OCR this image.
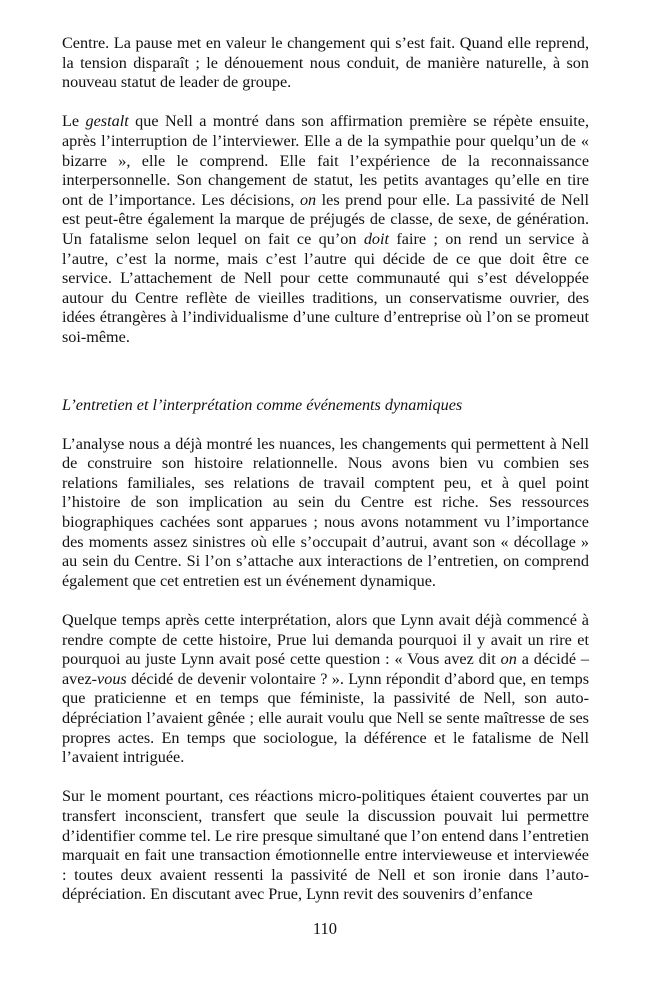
Centre. La pause met en valeur le changement qui s’est fait. Quand elle reprend, la tension disparaît ; le dénouement nous conduit, de manière naturelle, à son nouveau statut de leader de groupe.

Le gestalt que Nell a montré dans son affirmation première se répète ensuite, après l’interruption de l’interviewer. Elle a de la sympathie pour quelqu’un de « bizarre », elle le comprend. Elle fait l’expérience de la reconnaissance interpersonnelle. Son changement de statut, les petits avantages qu’elle en tire ont de l’importance. Les décisions, on les prend pour elle. La passivité de Nell est peut-être également la marque de préjugés de classe, de sexe, de génération. Un fatalisme selon lequel on fait ce qu’on doit faire ; on rend un service à l’autre, c’est la norme, mais c’est l’autre qui décide de ce que doit être ce service. L’attachement de Nell pour cette communauté qui s’est développée autour du Centre reflète de vieilles traditions, un conservatisme ouvrier, des idées étrangères à l’individualisme d’une culture d’entreprise où l’on se promeut soi-même.

L’entretien et l’interprétation comme événements dynamiques

L’analyse nous a déjà montré les nuances, les changements qui permettent à Nell de construire son histoire relationnelle. Nous avons bien vu combien ses relations familiales, ses relations de travail comptent peu, et à quel point l’histoire de son implication au sein du Centre est riche. Ses ressources biographiques cachées sont apparues ; nous avons notamment vu l’importance des moments assez sinistres où elle s’occupait d’autrui, avant son « décollage » au sein du Centre. Si l’on s’attache aux interactions de l’entretien, on comprend également que cet entretien est un événement dynamique.

Quelque temps après cette interprétation, alors que Lynn avait déjà commencé à rendre compte de cette histoire, Prue lui demanda pourquoi il y avait un rire et pourquoi au juste Lynn avait posé cette question : « Vous avez dit on a décidé – avez-vous décidé de devenir volontaire ? ». Lynn répondit d’abord que, en temps que praticienne et en temps que féministe, la passivité de Nell, son auto-dépréciation l’avaient gênée ; elle aurait voulu que Nell se sente maîtresse de ses propres actes. En temps que sociologue, la déférence et le fatalisme de Nell l’avaient intriguée.

Sur le moment pourtant, ces réactions micro-politiques étaient couvertes par un transfert inconscient, transfert que seule la discussion pouvait lui permettre d’identifier comme tel. Le rire presque simultané que l’on entend dans l’entretien marquait en fait une transaction émotionnelle entre intervieweuse et interviewée : toutes deux avaient ressenti la passivité de Nell et son ironie dans l’auto-dépréciation. En discutant avec Prue, Lynn revit des souvenirs d’enfance

110
